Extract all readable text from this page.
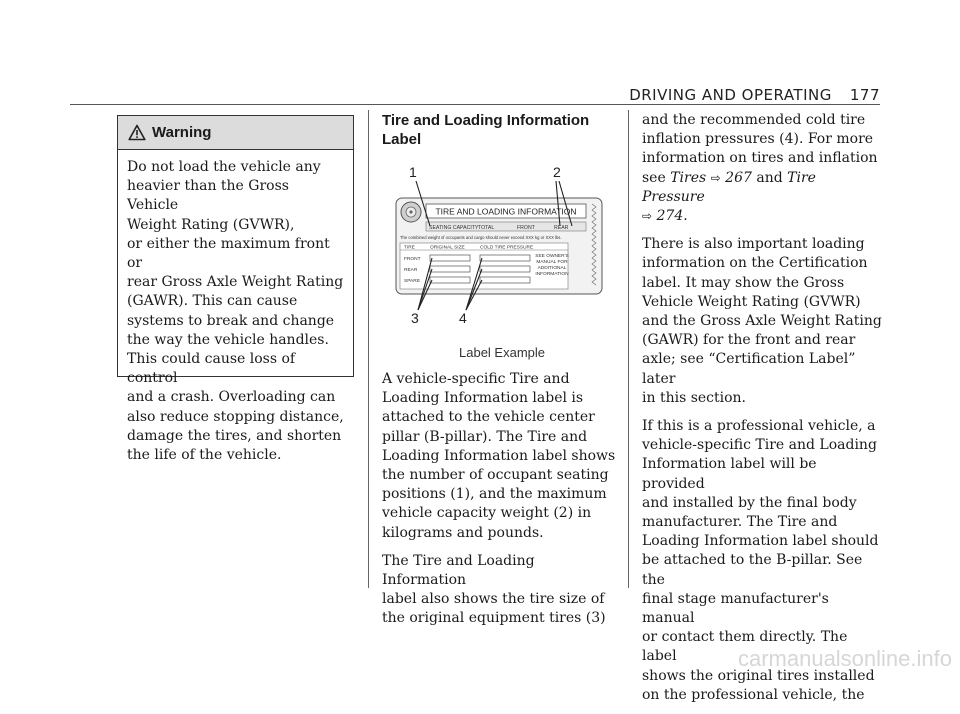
DRIVING AND OPERATING 177
Warning
Do not load the vehicle any
heavier than the Gross Vehicle
Weight Rating (GVWR),
or either the maximum front or
rear Gross Axle Weight Rating
(GAWR). This can cause
systems to break and change
the way the vehicle handles.
This could cause loss of control
and a crash. Overloading can
also reduce stopping distance,
damage the tires, and shorten
the life of the vehicle.
Tire and Loading Information
Label
1	2
3	4
TIRE AND LOADING INFORMATION
SEATING CAPACITY TOTAL	FRONT	REAR
The combined weight of occupants and cargo should never exceed XXX kg or XXX lbs.
TIRE	ORIGINAL SIZE	COLD TIRE PRESSURE
FRONT
REAR
SPARE
SEE OWNER'S
MANUAL FOR
ADDITIONAL
INFORMATION
Label Example

A vehicle-specific Tire and
Loading Information label is
attached to the vehicle center
pillar (B-pillar). The Tire and
Loading Information label shows
the number of occupant seating
positions (1), and the maximum
vehicle capacity weight (2) in
kilograms and pounds.

The Tire and Loading Information
label also shows the tire size of
the original equipment tires (3)

and the recommended cold tire
inflation pressures (4). For more
information on tires and inflation
see Tires ⇨ 267 and Tire Pressure
⇨ 274.

There is also important loading
information on the Certification
label. It may show the Gross
Vehicle Weight Rating (GVWR)
and the Gross Axle Weight Rating
(GAWR) for the front and rear
axle; see “Certification Label” later
in this section.

If this is a professional vehicle, a
vehicle-specific Tire and Loading
Information label will be provided
and installed by the final body
manufacturer. The Tire and
Loading Information label should
be attached to the B-pillar. See the
final stage manufacturer's manual
or contact them directly. The label
shows the original tires installed
on the professional vehicle, the

carmanualsonline.info
